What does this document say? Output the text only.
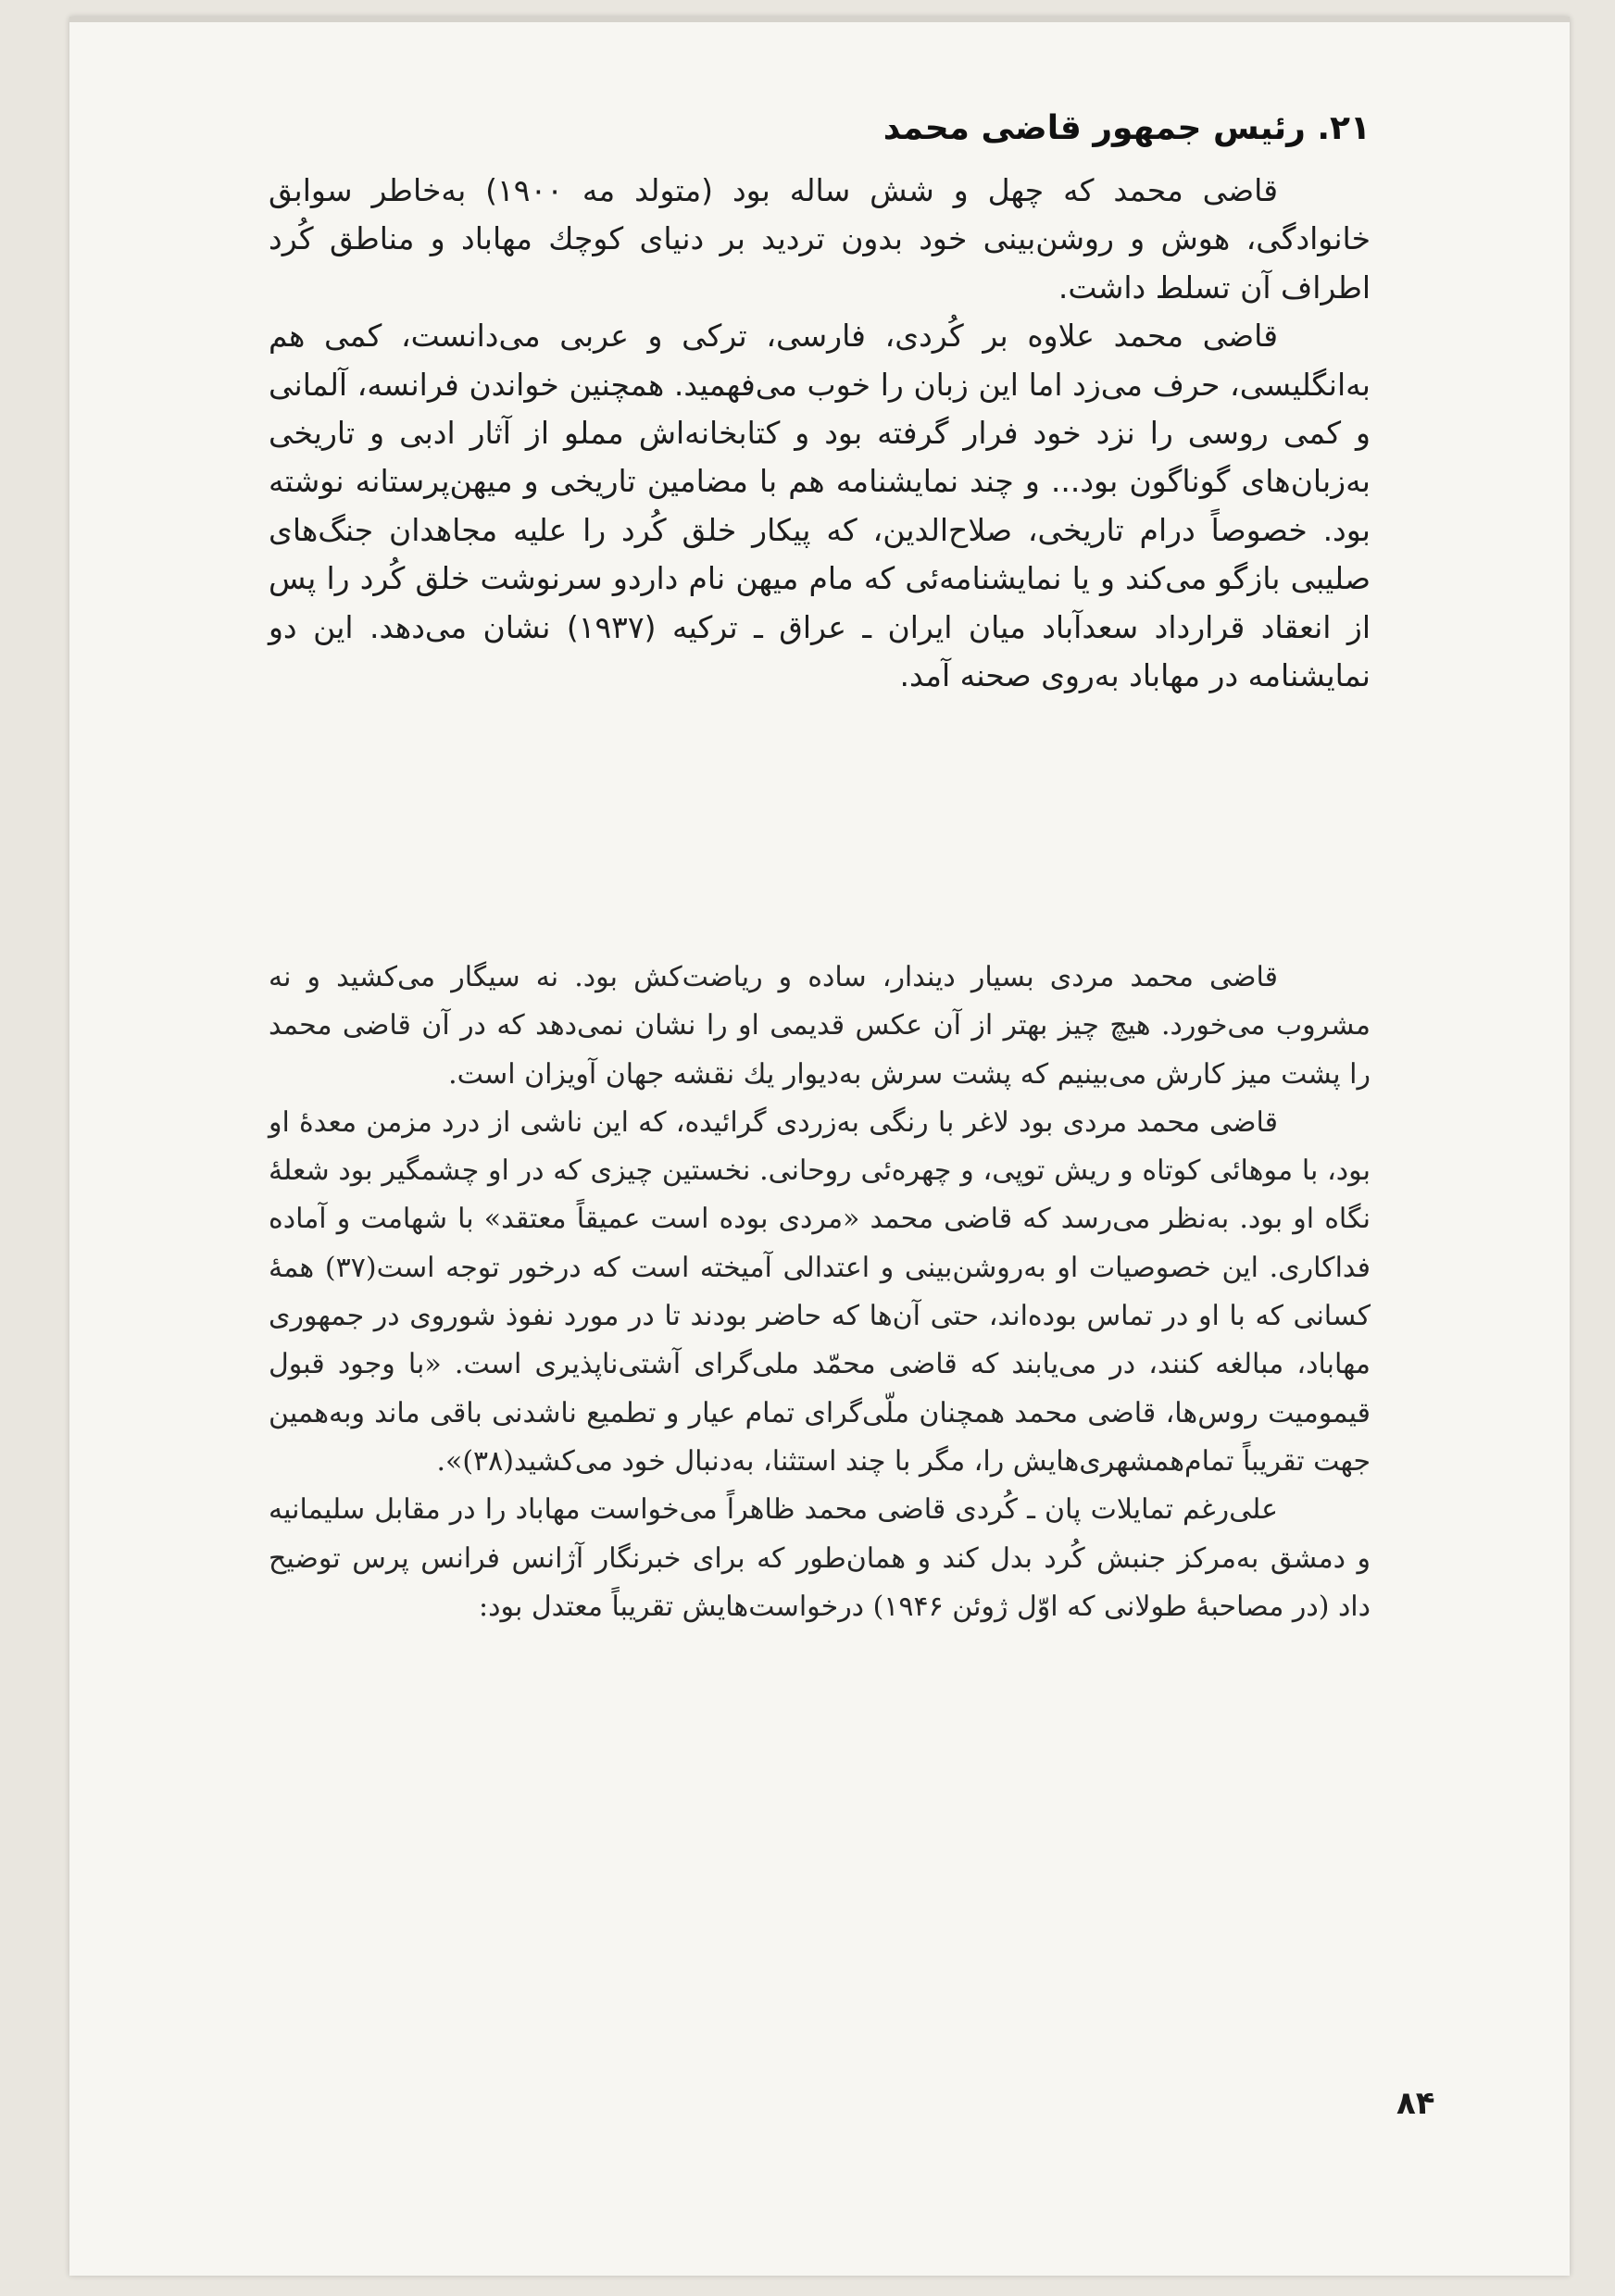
۲۱. رئیس جمهور قاضی محمد

قاضی محمد که چهل و شش ساله بود (متولد مه ۱۹۰۰) به‌خاطر سوابق خانوادگی، هوش و روشن‌بینی خود بدون تردید بر دنیای کوچك مهاباد و مناطق کُرد اطراف آن تسلط داشت.

قاضی محمد علاوه بر کُردی، فارسی، ترکی و عربی می‌دانست، کمی هم به‌انگلیسی، حرف می‌زد اما این زبان را خوب می‌فهمید. همچنین خواندن فرانسه، آلمانی و کمی روسی را نزد خود فرار گرفته بود و کتابخانه‌اش مملو از آثار ادبی و تاریخی به‌زبان‌های گوناگون بود... و چند نمایشنامه هم با مضامین تاریخی و میهن‌پرستانه نوشته بود. خصوصاً درام تاریخی، صلاح‌الدین، که پیکار خلق کُرد را علیه مجاهدان جنگ‌های صلیبی بازگو می‌کند و یا نمایشنامه‌ئی که مام میهن نام داردو سرنوشت خلق کُرد را پس از انعقاد قرارداد سعدآباد میان ایران ـ عراق ـ ترکیه (۱۹۳۷) نشان می‌دهد. این دو نمایشنامه در مهاباد به‌روی صحنه آمد.

قاضی محمد مردی بسیار دیندار، ساده و ریاضت‌کش بود. نه سیگار می‌کشید و نه مشروب می‌خورد. هیچ چیز بهتر از آن عکس قدیمی او را نشان نمی‌دهد که در آن قاضی محمد را پشت میز کارش می‌بینیم که پشت سرش به‌دیوار یك نقشه جهان آویزان است.

قاضی محمد مردی بود لاغر با رنگی به‌زردی گرائیده، که این ناشی از درد مزمن معدهٔ او بود، با موهائی کوتاه و ریش توپی، و چهره‌ئی روحانی. نخستین چیزی که در او چشمگیر بود شعلهٔ نگاه او بود. به‌نظر می‌رسد که قاضی محمد «مردی بوده است عمیقاً معتقد» با شهامت و آماده فداکاری. این خصوصیات او به‌روشن‌بینی و اعتدالی آمیخته است که درخور توجه است(۳۷) همهٔ کسانی که با او در تماس بوده‌اند، حتی آن‌ها که حاضر بودند تا در مورد نفوذ شوروی در جمهوری مهاباد، مبالغه کنند، در می‌یابند که قاضی محمّد ملی‌گرای آشتی‌ناپذیری است. «با وجود قبول قیمومیت روس‌ها، قاضی محمد همچنان ملّی‌گرای تمام عیار و تطمیع ناشدنی باقی ماند وبه‌همین جهت تقریباً تمام‌همشهری‌هایش را، مگر با چند استثنا، به‌دنبال خود می‌کشید(۳۸)».

علی‌رغم تمایلات پان ـ کُردی قاضی محمد ظاهراً می‌خواست مهاباد را در مقابل سلیمانیه و دمشق به‌مرکز جنبش کُرد بدل کند و همان‌طور که برای خبرنگار آژانس فرانس پرس توضیح داد (در مصاحبهٔ طولانی که اوّل ژوئن ۱۹۴۶) درخواست‌هایش تقریباً معتدل بود:

۸۴
